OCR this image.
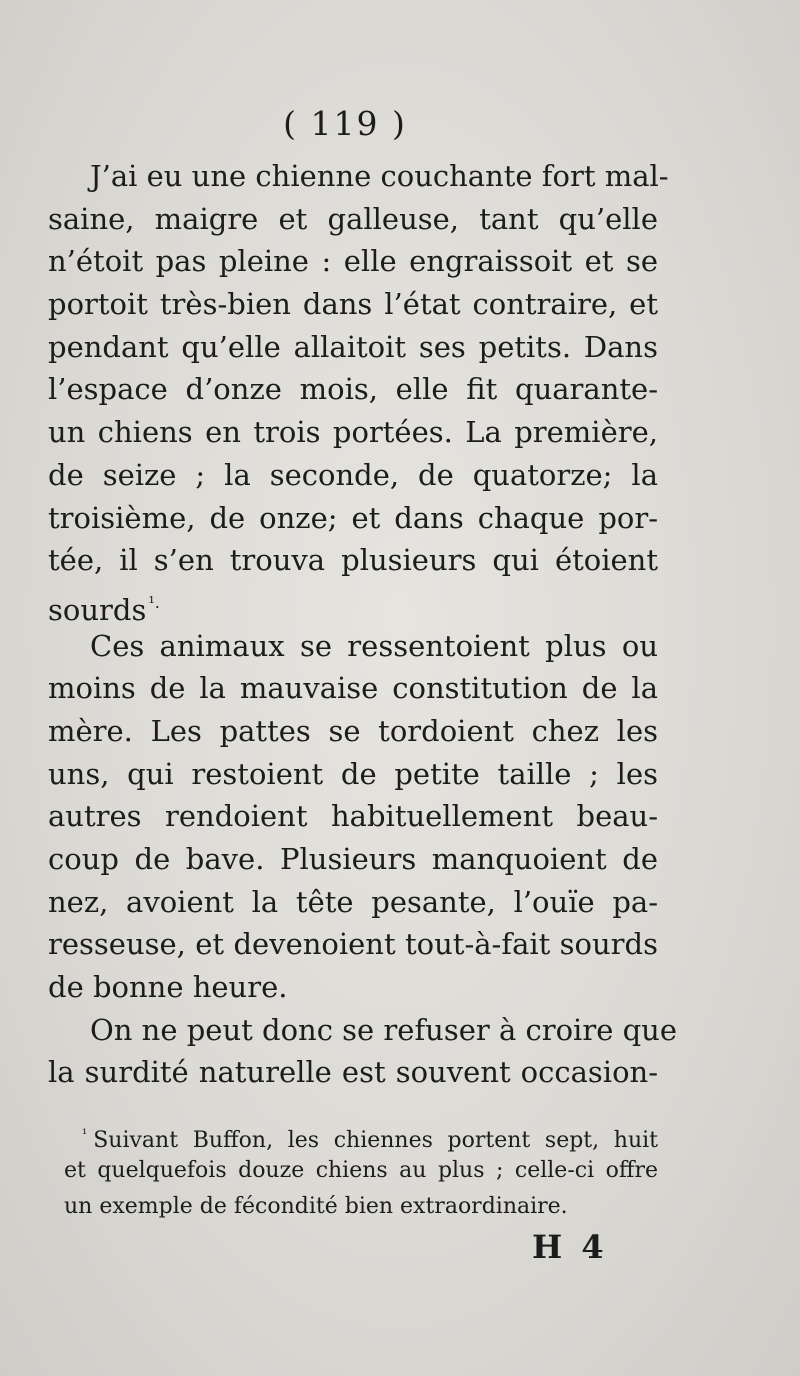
( 119 )
J’ai eu une chienne couchante fort mal-
saine, maigre et galleuse, tant qu’elle
n’étoit pas pleine : elle engraissoit et se
portoit très-bien dans l’état contraire, et
pendant qu’elle allaitoit ses petits. Dans
l’espace d’onze mois, elle fit quarante-
un chiens en trois portées. La première,
de seize ; la seconde, de quatorze; la
troisième, de onze; et dans chaque por-
tée, il s’en trouva plusieurs qui étoient
sourds $^{^1.}$
Ces animaux se ressentoient plus ou
moins de la mauvaise constitution de la
mère. Les pattes se tordoient chez les
uns, qui restoient de petite taille ; les
autres rendoient habituellement beau-
coup de bave. Plusieurs manquoient de
nez, avoient la tête pesante, l’ouïe pa-
resseuse, et devenoient tout-à-fait sourds
de bonne heure.
On ne peut donc se refuser à croire que
la surdité naturelle est souvent occasion-
$^{^1}$ Suivant Buffon, les chiennes portent sept, huit
et quelquefois douze chiens au plus ; celle-ci offre
un exemple de fécondité bien extraordinaire.
H 4
